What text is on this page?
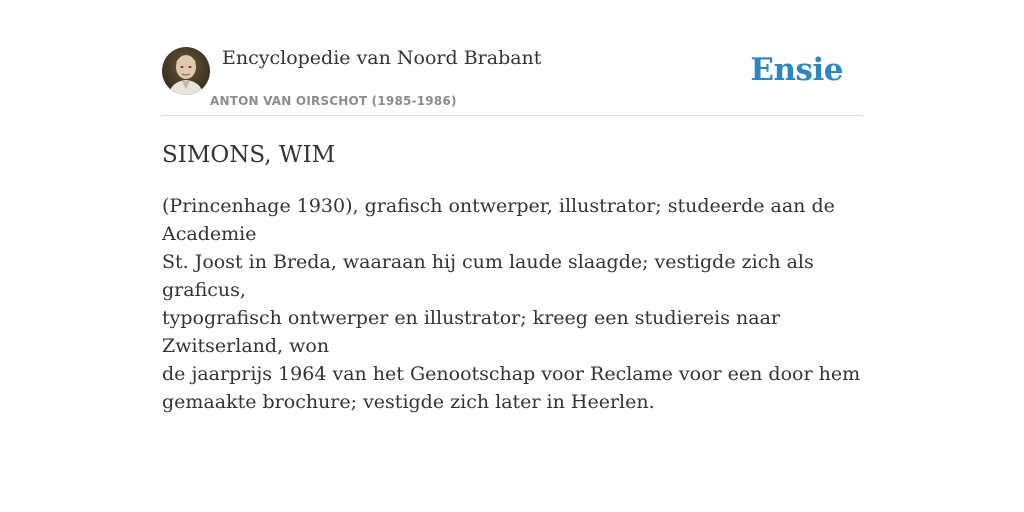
Encyclopedie van Noord Brabant
ANTON VAN OIRSCHOT (1985-1986)
Ensie
SIMONS, WIM

(Princenhage 1930), grafisch ontwerper, illustrator; studeerde aan de Academie

St. Joost in Breda, waaraan hij cum laude slaagde; vestigde zich als graficus,

typografisch ontwerper en illustrator; kreeg een studiereis naar Zwitserland, won

de jaarprijs 1964 van het Genootschap voor Reclame voor een door hem

gemaakte brochure; vestigde zich later in Heerlen.
